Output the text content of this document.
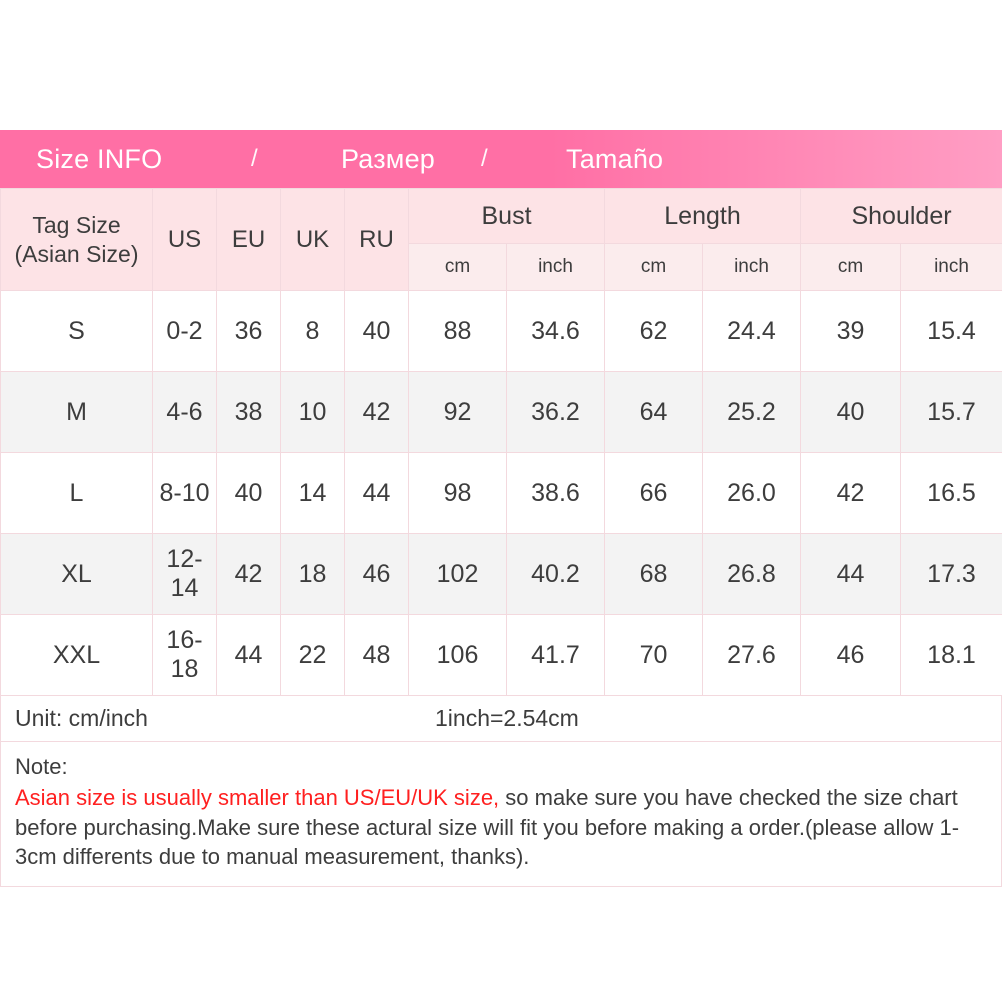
Size INFO	/	Размер	/	Tamaño
Tag Size
(Asian Size)	US	EU	UK	RU	Bust		Length		Shoulder	
					cm	inch	cm	inch	cm	inch
S	0-2	36	8	40	88	34.6	62	24.4	39	15.4
M	4-6	38	10	42	92	36.2	64	25.2	40	15.7
L	8-10	40	14	44	98	38.6	66	26.0	42	16.5
XL	12-14	42	18	46	102	40.2	68	26.8	44	17.3
XXL	16-18	44	22	48	106	41.7	70	27.6	46	18.1
Unit: cm/inch	1inch=2.54cm
Note:
Asian size is usually smaller than US/EU/UK size, so make sure you have checked the size chart before purchasing.Make sure these actural size will fit you before making a order.(please allow 1-3cm differents due to manual measurement, thanks).
